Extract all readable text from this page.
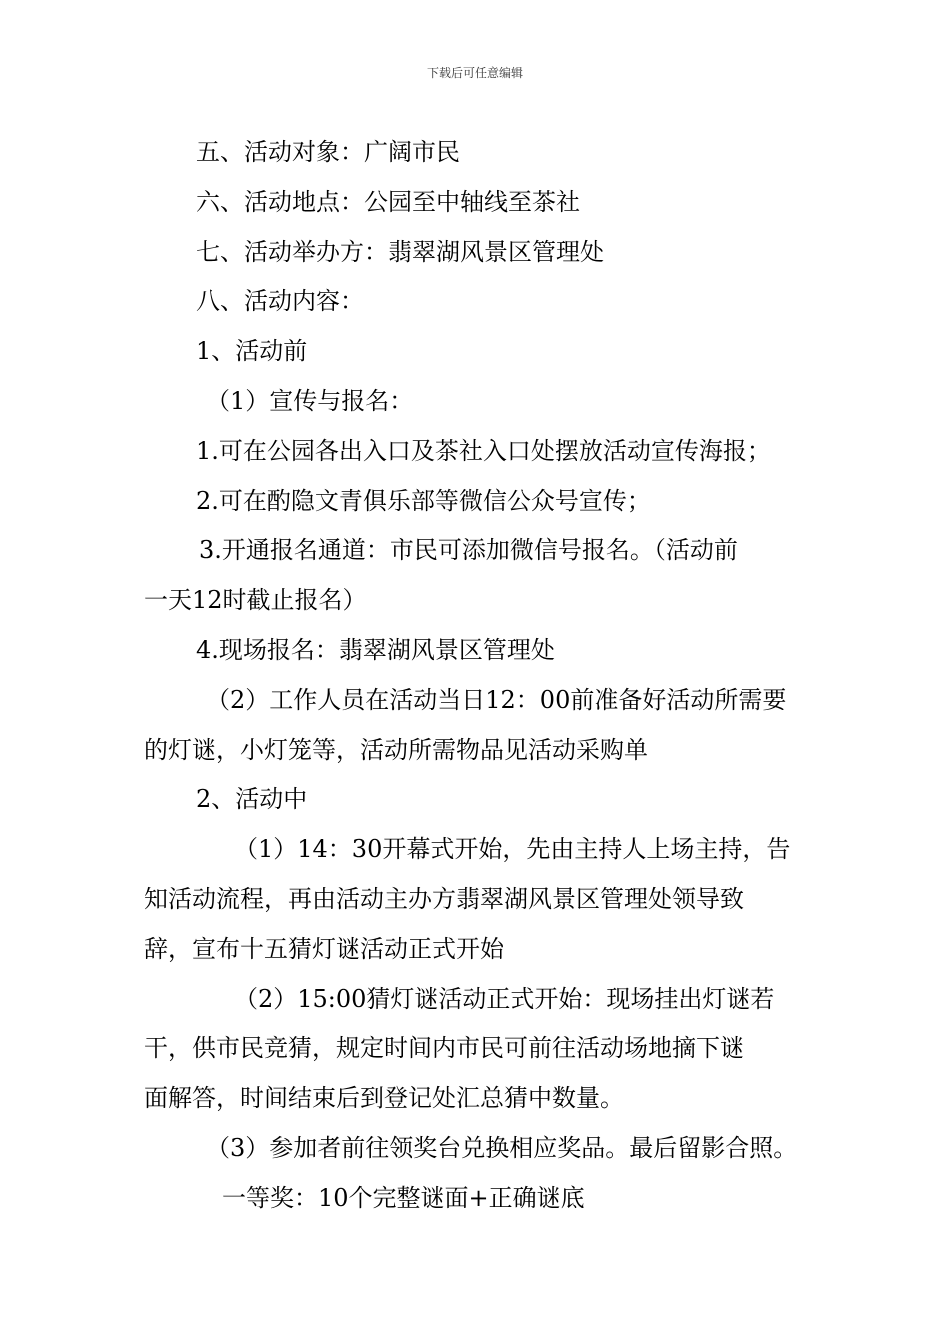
下载后可任意编辑

五、活动对象：广阔市民

六、活动地点：公园至中轴线至茶社

七、活动举办方：翡翠湖风景区管理处

八、活动内容：

1、活动前

（1）宣传与报名：

1.可在公园各出入口及茶社入口处摆放活动宣传海报；

2.可在酌隐文青俱乐部等微信公众号宣传；

3.开通报名通道：市民可添加微信号报名。（活动前

一天12时截止报名）

4.现场报名：翡翠湖风景区管理处

（2）工作人员在活动当日12：00前准备好活动所需要

的灯谜，小灯笼等，活动所需物品见活动采购单

2、活动中

（1）14：30开幕式开始，先由主持人上场主持，告

知活动流程，再由活动主办方翡翠湖风景区管理处领导致

辞，宣布十五猜灯谜活动正式开始

（2）15:00猜灯谜活动正式开始：现场挂出灯谜若

干，供市民竞猜，规定时间内市民可前往活动场地摘下谜

面解答，时间结束后到登记处汇总猜中数量。

（3）参加者前往领奖台兑换相应奖品。最后留影合照。

一等奖：10个完整谜面+正确谜底
